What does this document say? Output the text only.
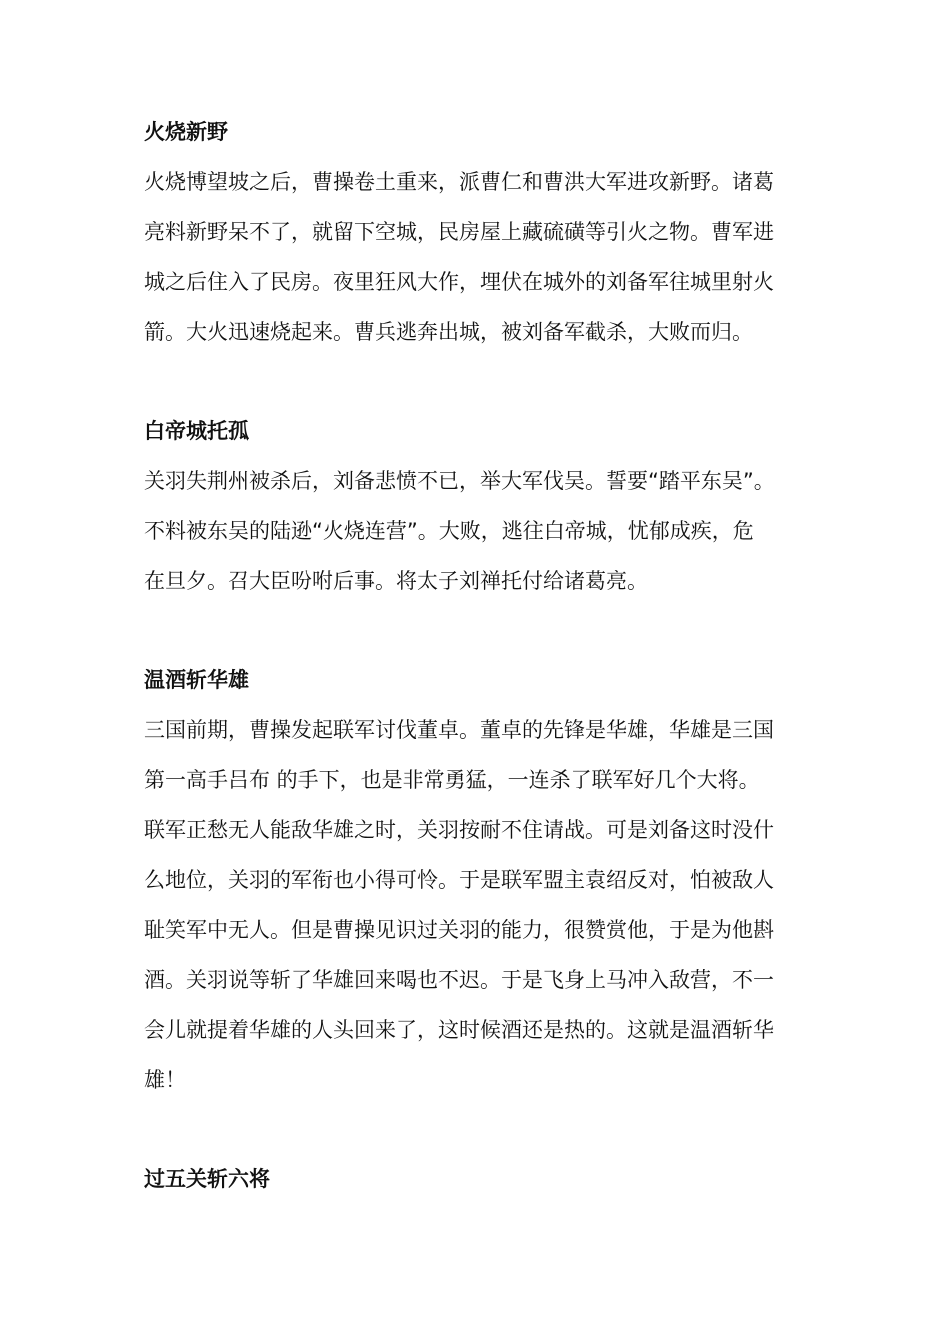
火烧新野

火烧博望坡之后，曹操卷土重来，派曹仁和曹洪大军进攻新野。诸葛

亮料新野呆不了，就留下空城，民房屋上藏硫磺等引火之物。曹军进

城之后住入了民房。夜里狂风大作，埋伏在城外的刘备军往城里射火

箭。大火迅速烧起来。曹兵逃奔出城，被刘备军截杀，大败而归。

白帝城托孤

关羽失荆州被杀后，刘备悲愤不已，举大军伐吴。誓要“踏平东吴”。

不料被东吴的陆逊“火烧连营”。大败，逃往白帝城，忧郁成疾，危

在旦夕。召大臣吩咐后事。将太子刘禅托付给诸葛亮。

温酒斩华雄

三国前期，曹操发起联军讨伐董卓。董卓的先锋是华雄，华雄是三国

第一高手吕布 的手下，也是非常勇猛，一连杀了联军好几个大将。

联军正愁无人能敌华雄之时，关羽按耐不住请战。可是刘备这时没什

么地位，关羽的军衔也小得可怜。于是联军盟主袁绍反对，怕被敌人

耻笑军中无人。但是曹操见识过关羽的能力，很赞赏他，于是为他斟

酒。关羽说等斩了华雄回来喝也不迟。于是飞身上马冲入敌营，不一

会儿就提着华雄的人头回来了，这时候酒还是热的。这就是温酒斩华

雄！

过五关斩六将
